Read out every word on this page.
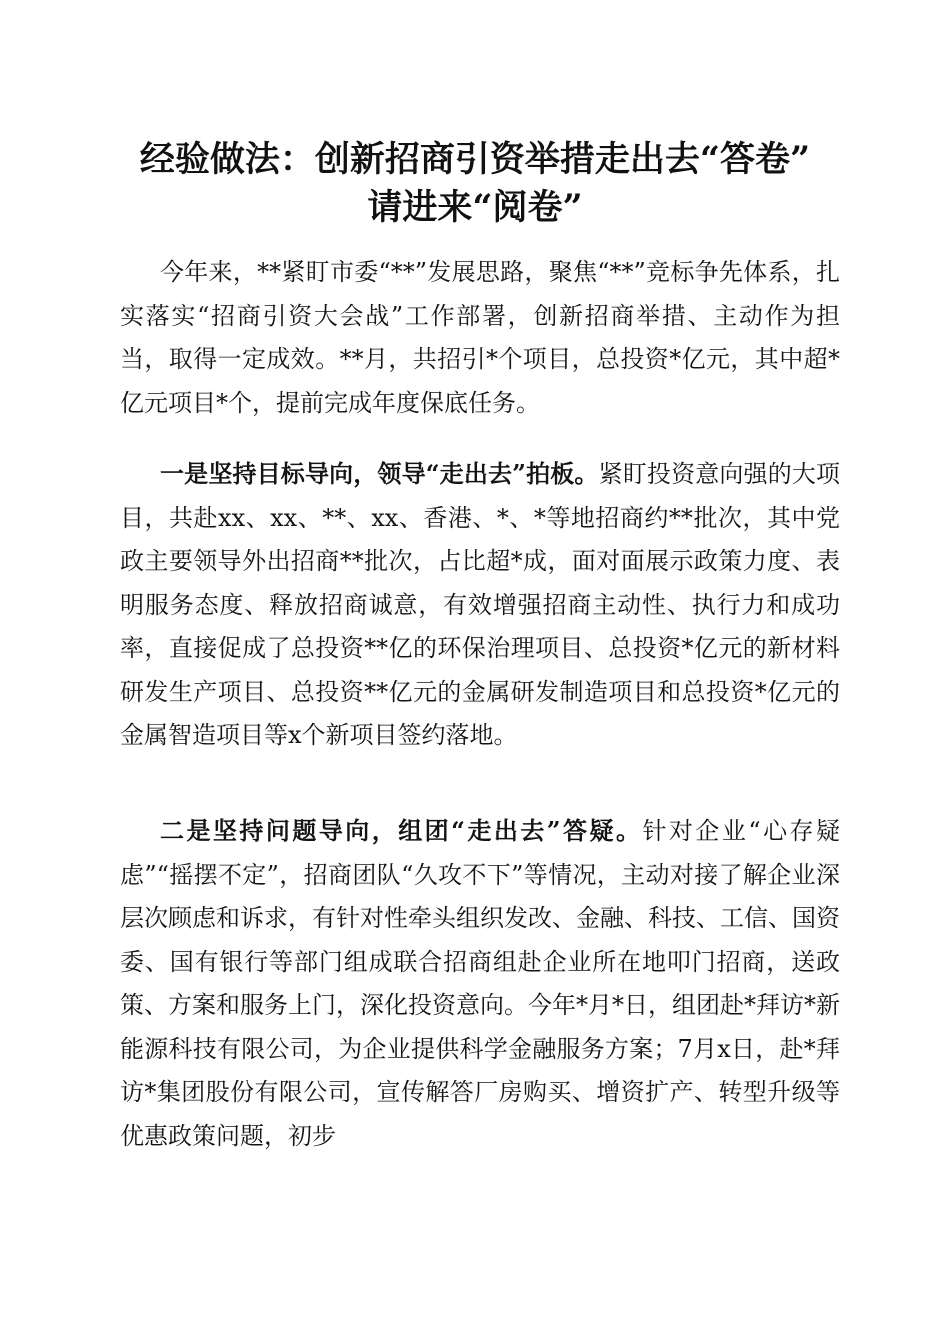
经验做法：创新招商引资举措走出去“答卷”
请进来“阅卷”

今年来，**紧盯市委“**”发展思路，聚焦“**”竞标争先体系，扎实落实“招商引资大会战”工作部署，创新招商举措、主动作为担当，取得一定成效。**月，共招引*个项目，总投资*亿元，其中超*亿元项目*个，提前完成年度保底任务。

一是坚持目标导向，领导“走出去”拍板。紧盯投资意向强的大项目，共赴xx、xx、**、xx、香港、*、*等地招商约**批次，其中党政主要领导外出招商**批次，占比超*成，面对面展示政策力度、表明服务态度、释放招商诚意，有效增强招商主动性、执行力和成功率，直接促成了总投资**亿的环保治理项目、总投资*亿元的新材料研发生产项目、总投资**亿元的金属研发制造项目和总投资*亿元的金属智造项目等x个新项目签约落地。

二是坚持问题导向，组团“走出去”答疑。针对企业“心存疑虑”“摇摆不定”，招商团队“久攻不下”等情况，主动对接了解企业深层次顾虑和诉求，有针对性牵头组织发改、金融、科技、工信、国资委、国有银行等部门组成联合招商组赴企业所在地叩门招商，送政策、方案和服务上门，深化投资意向。今年*月*日，组团赴*拜访*新能源科技有限公司，为企业提供科学金融服务方案；7月x日，赴*拜访*集团股份有限公司，宣传解答厂房购买、增资扩产、转型升级等优惠政策问题，初步
